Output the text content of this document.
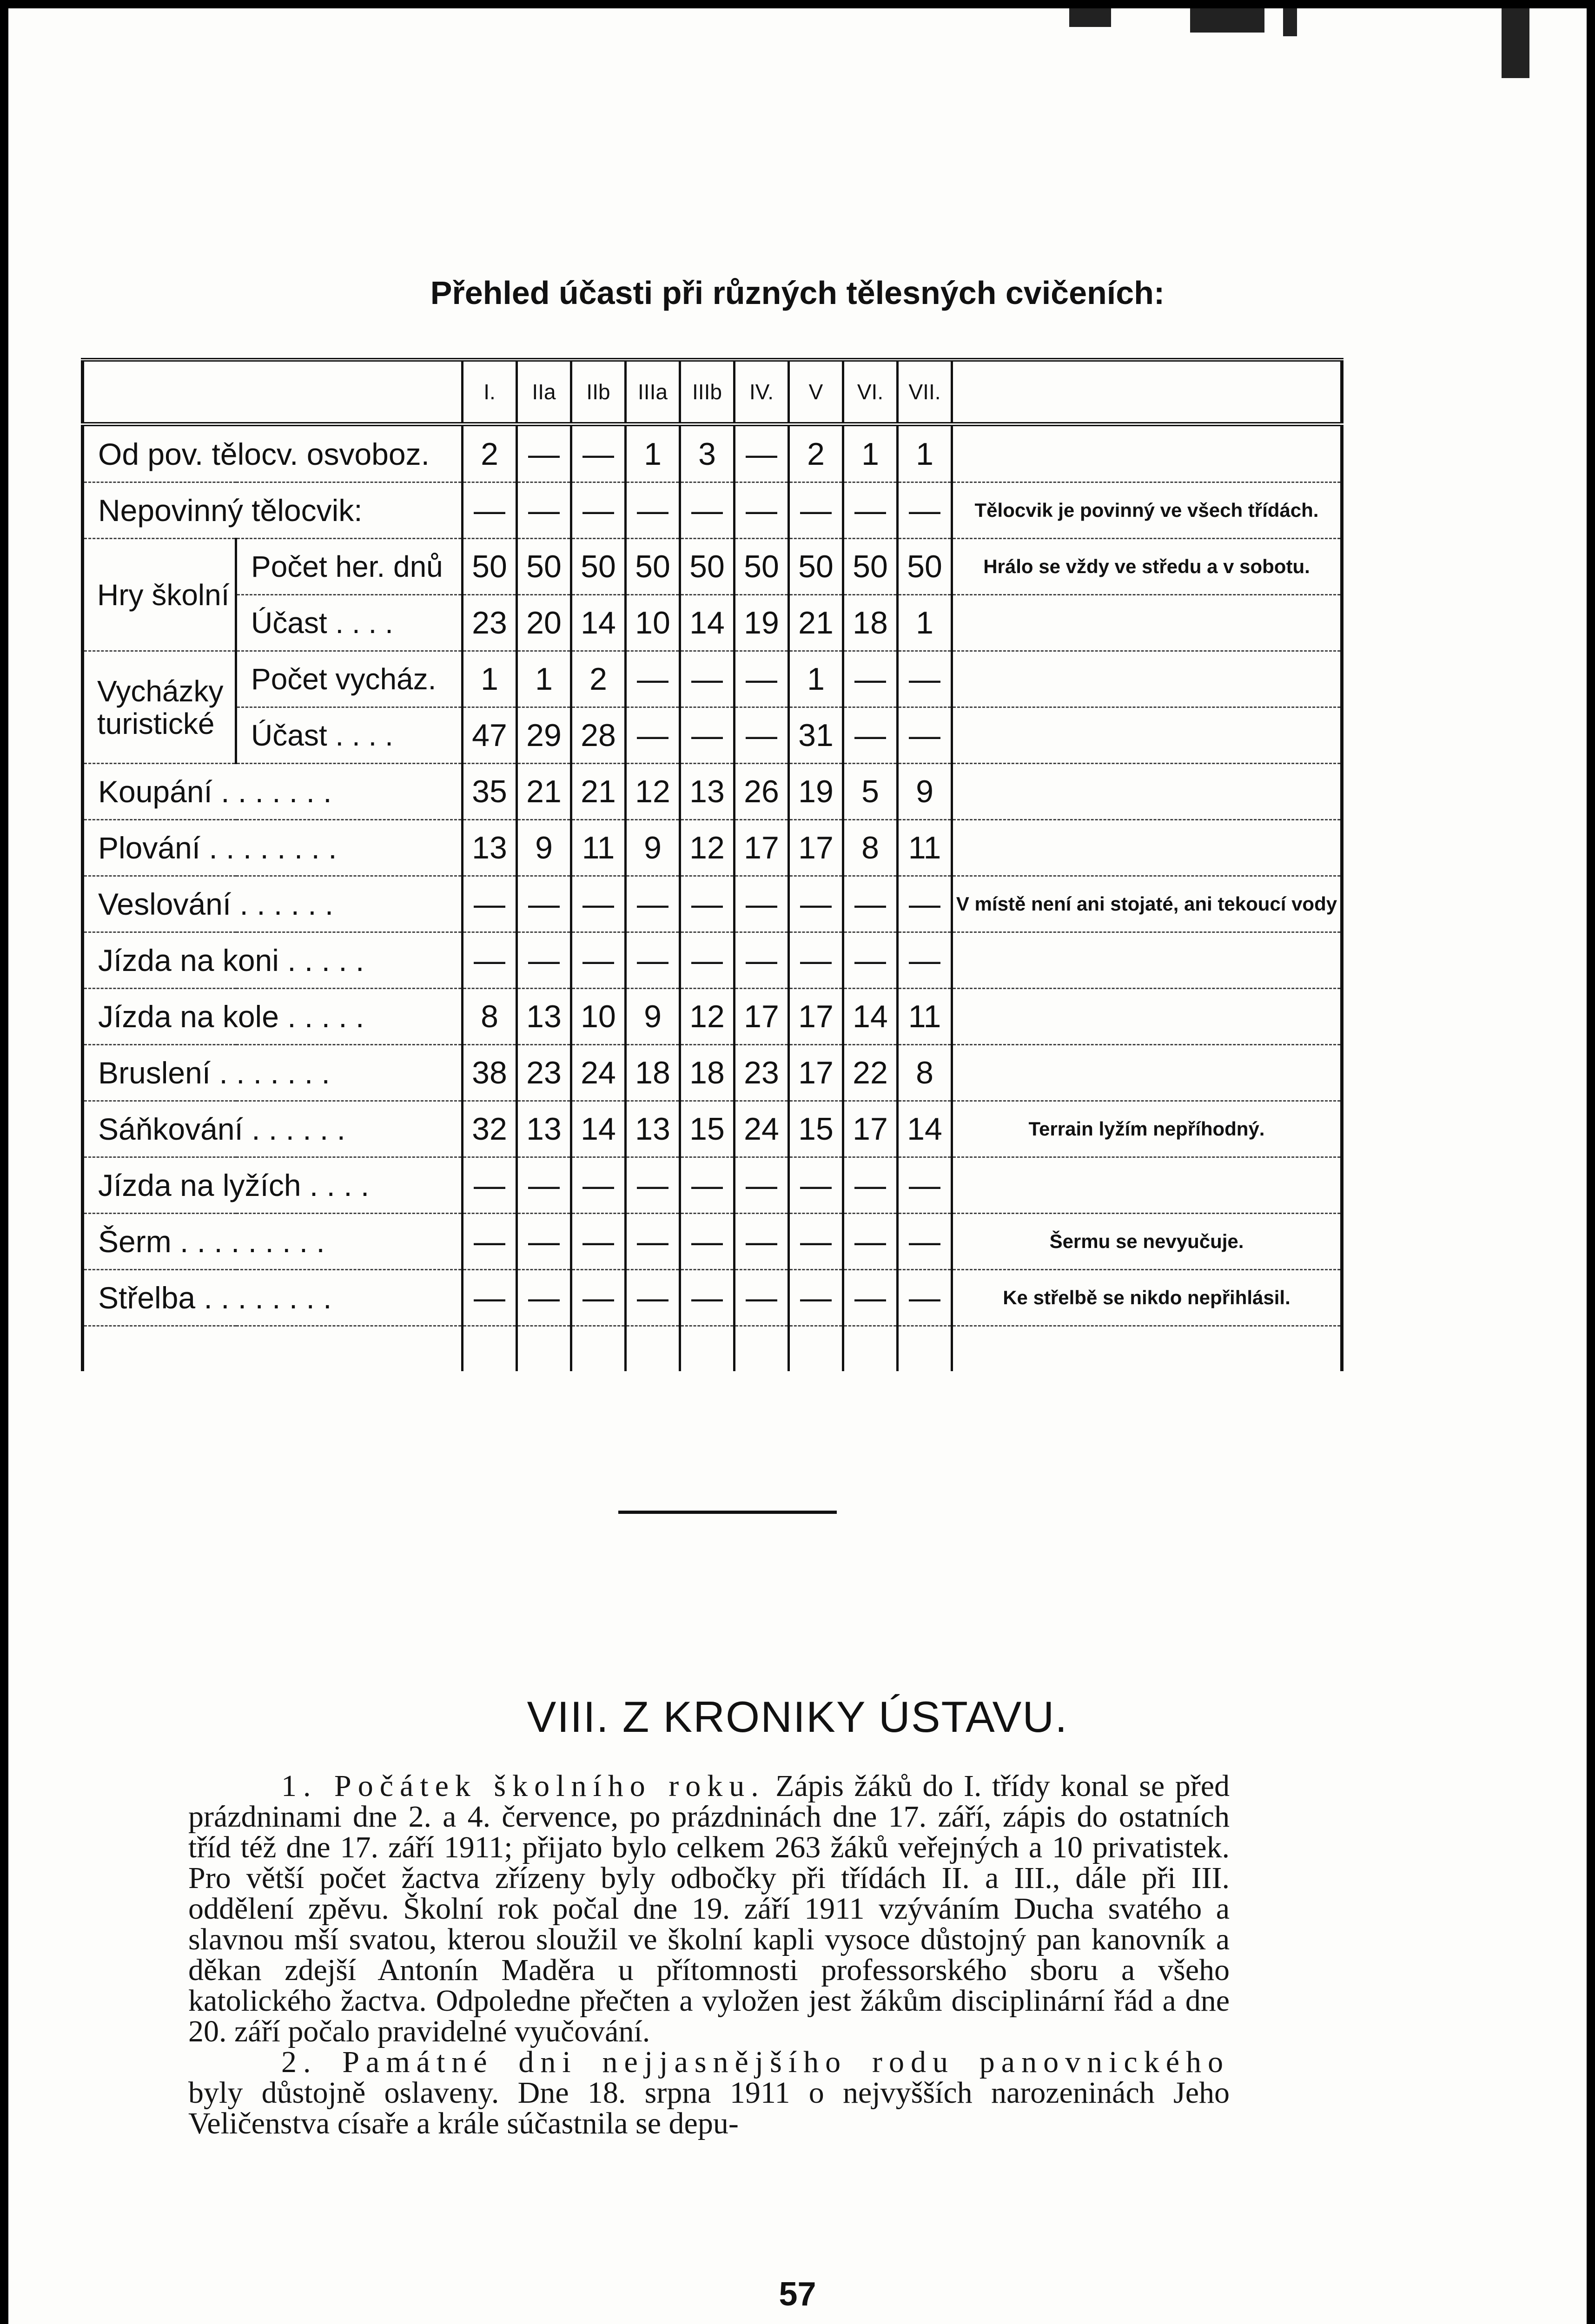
Přehled účasti při různých tělesných cvičeních:
		I.	IIa	IIb	IIIa	IIIb	IV.	V	VI.	VII.	
Od pov. tělocv. osvoboz.		2	—	—	1	3	—	2	1	1	
Nepovinný tělocvik:		—	—	—	—	—	—	—	—	—	Tělocvik je povinný ve všech třídách.
Hry školní	Počet her. dnů	50	50	50	50	50	50	50	50	50	Hrálo se vždy ve středu a v sobotu.
	Účast . . . .	23	20	14	10	14	19	21	18	1	
Vycházky turistické	Počet vycház.	1	1	2	—	—	—	1	—	—	
	Účast . . . .	47	29	28	—	—	—	31	—	—	
Koupání . . . . . . .		35	21	21	12	13	26	19	5	9	
Plování . . . . . . . .		13	9	11	9	12	17	17	8	11	
Veslování . . . . . .		—	—	—	—	—	—	—	—	—	V místě není ani stojaté, ani tekoucí vody
Jízda na koni . . . . .		—	—	—	—	—	—	—	—	—	
Jízda na kole . . . . .		8	13	10	9	12	17	17	14	11	
Bruslení . . . . . . .		38	23	24	18	18	23	17	22	8	
Sáňkování . . . . . .		32	13	14	13	15	24	15	17	14	Terrain lyžím nepříhodný.
Jízda na lyžích . . . .		—	—	—	—	—	—	—	—	—	
Šerm . . . . . . . . .		—	—	—	—	—	—	—	—	—	Šermu se nevyučuje.
Střelba . . . . . . . .		—	—	—	—	—	—	—	—	—	Ke střelbě se nikdo nepřihlásil.

VIII. Z KRONIKY ÚSTAVU.

1. Počátek školního roku. Zápis žáků do I. třídy konal se před prázdninami dne 2. a 4. července, po prázdninách dne 17. září, zápis do ostatních tříd též dne 17. září 1911; přijato bylo celkem 263 žáků veřejných a 10 privatistek. Pro větší počet žactva zřízeny byly odbočky při třídách II. a III., dále při III. oddělení zpěvu. Školní rok počal dne 19. září 1911 vzýváním Ducha svatého a slavnou mší svatou, kterou sloužil ve školní kapli vysoce důstojný pan kanovník a děkan zdejší Antonín Maděra u přítomnosti professorského sboru a všeho katolického žactva. Odpoledne přečten a vyložen jest žákům disciplinární řád a dne 20. září počalo pravidelné vyučování.

2. Památné dni nejjasnějšího rodu panovnického byly důstojně oslaveny. Dne 18. srpna 1911 o nejvyšších narozeninách Jeho Veličenstva císaře a krále súčastnila se depu-

57
